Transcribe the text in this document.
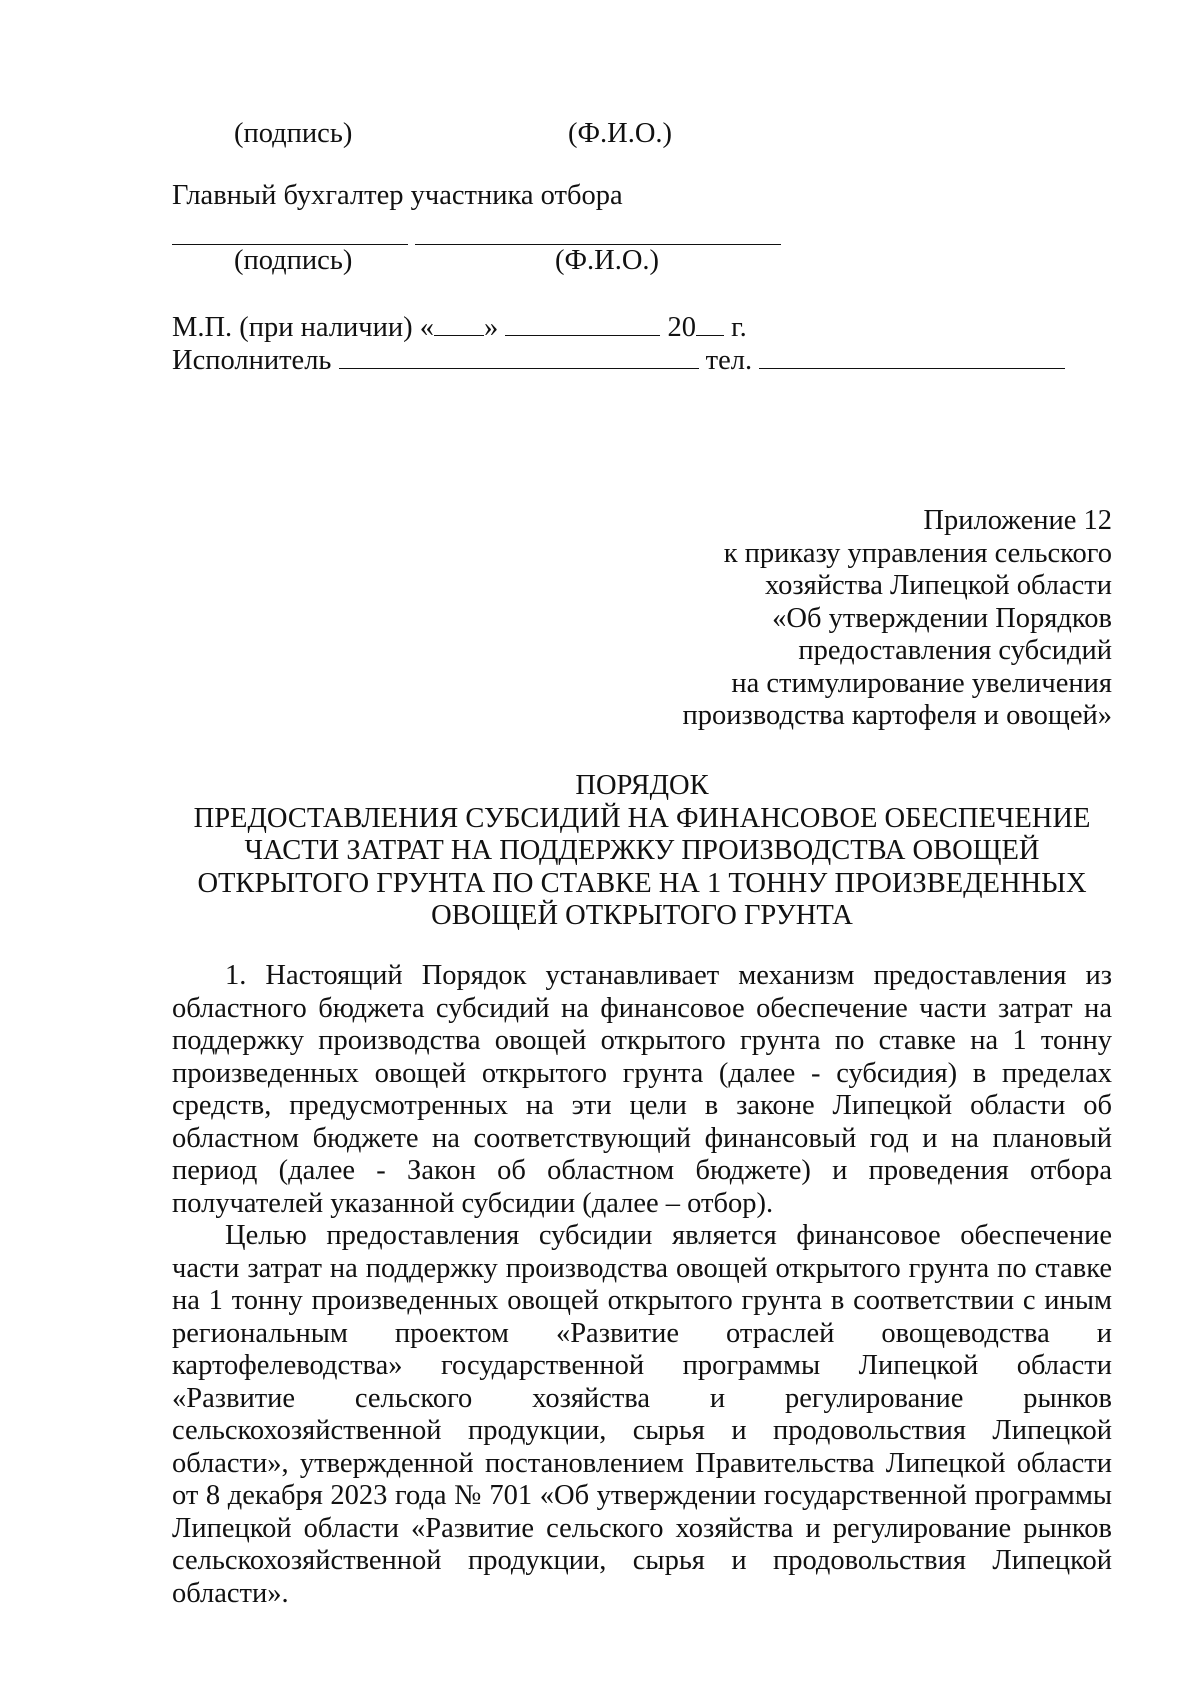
(подпись)	(Ф.И.О.)
Главный бухгалтер участника отбора
(подпись)	(Ф.И.О.)
М.П. (при наличии) « »	20 г.
Исполнитель	тел.
Приложение 12
к приказу управления сельского
хозяйства Липецкой области
«Об утверждении Порядков
предоставления субсидий
на стимулирование увеличения
производства картофеля и овощей»
ПОРЯДОК
ПРЕДОСТАВЛЕНИЯ СУБСИДИЙ НА ФИНАНСОВОЕ ОБЕСПЕЧЕНИЕ
ЧАСТИ ЗАТРАТ НА ПОДДЕРЖКУ ПРОИЗВОДСТВА ОВОЩЕЙ
ОТКРЫТОГО ГРУНТА ПО СТАВКЕ НА 1 ТОННУ ПРОИЗВЕДЕННЫХ
ОВОЩЕЙ ОТКРЫТОГО ГРУНТА

1. Настоящий Порядок устанавливает механизм предоставления из областного бюджета субсидий на финансовое обеспечение части затрат на поддержку производства овощей открытого грунта по ставке на 1 тонну произведенных овощей открытого грунта (далее - субсидия) в пределах средств, предусмотренных на эти цели в законе Липецкой области об областном бюджете на соответствующий финансовый год и на плановый период (далее - Закон об областном бюджете) и проведения отбора получателей указанной субсидии (далее – отбор).

Целью предоставления субсидии является финансовое обеспечение части затрат на поддержку производства овощей открытого грунта по ставке на 1 тонну произведенных овощей открытого грунта в соответствии с иным региональным проектом «Развитие отраслей овощеводства и картофелеводства» государственной программы Липецкой области «Развитие сельского хозяйства и регулирование рынков сельскохозяйственной продукции, сырья и продовольствия Липецкой области», утвержденной постановлением Правительства Липецкой области от 8 декабря 2023 года № 701 «Об утверждении государственной программы Липецкой области «Развитие сельского хозяйства и регулирование рынков сельскохозяйственной продукции, сырья и продовольствия Липецкой области».
